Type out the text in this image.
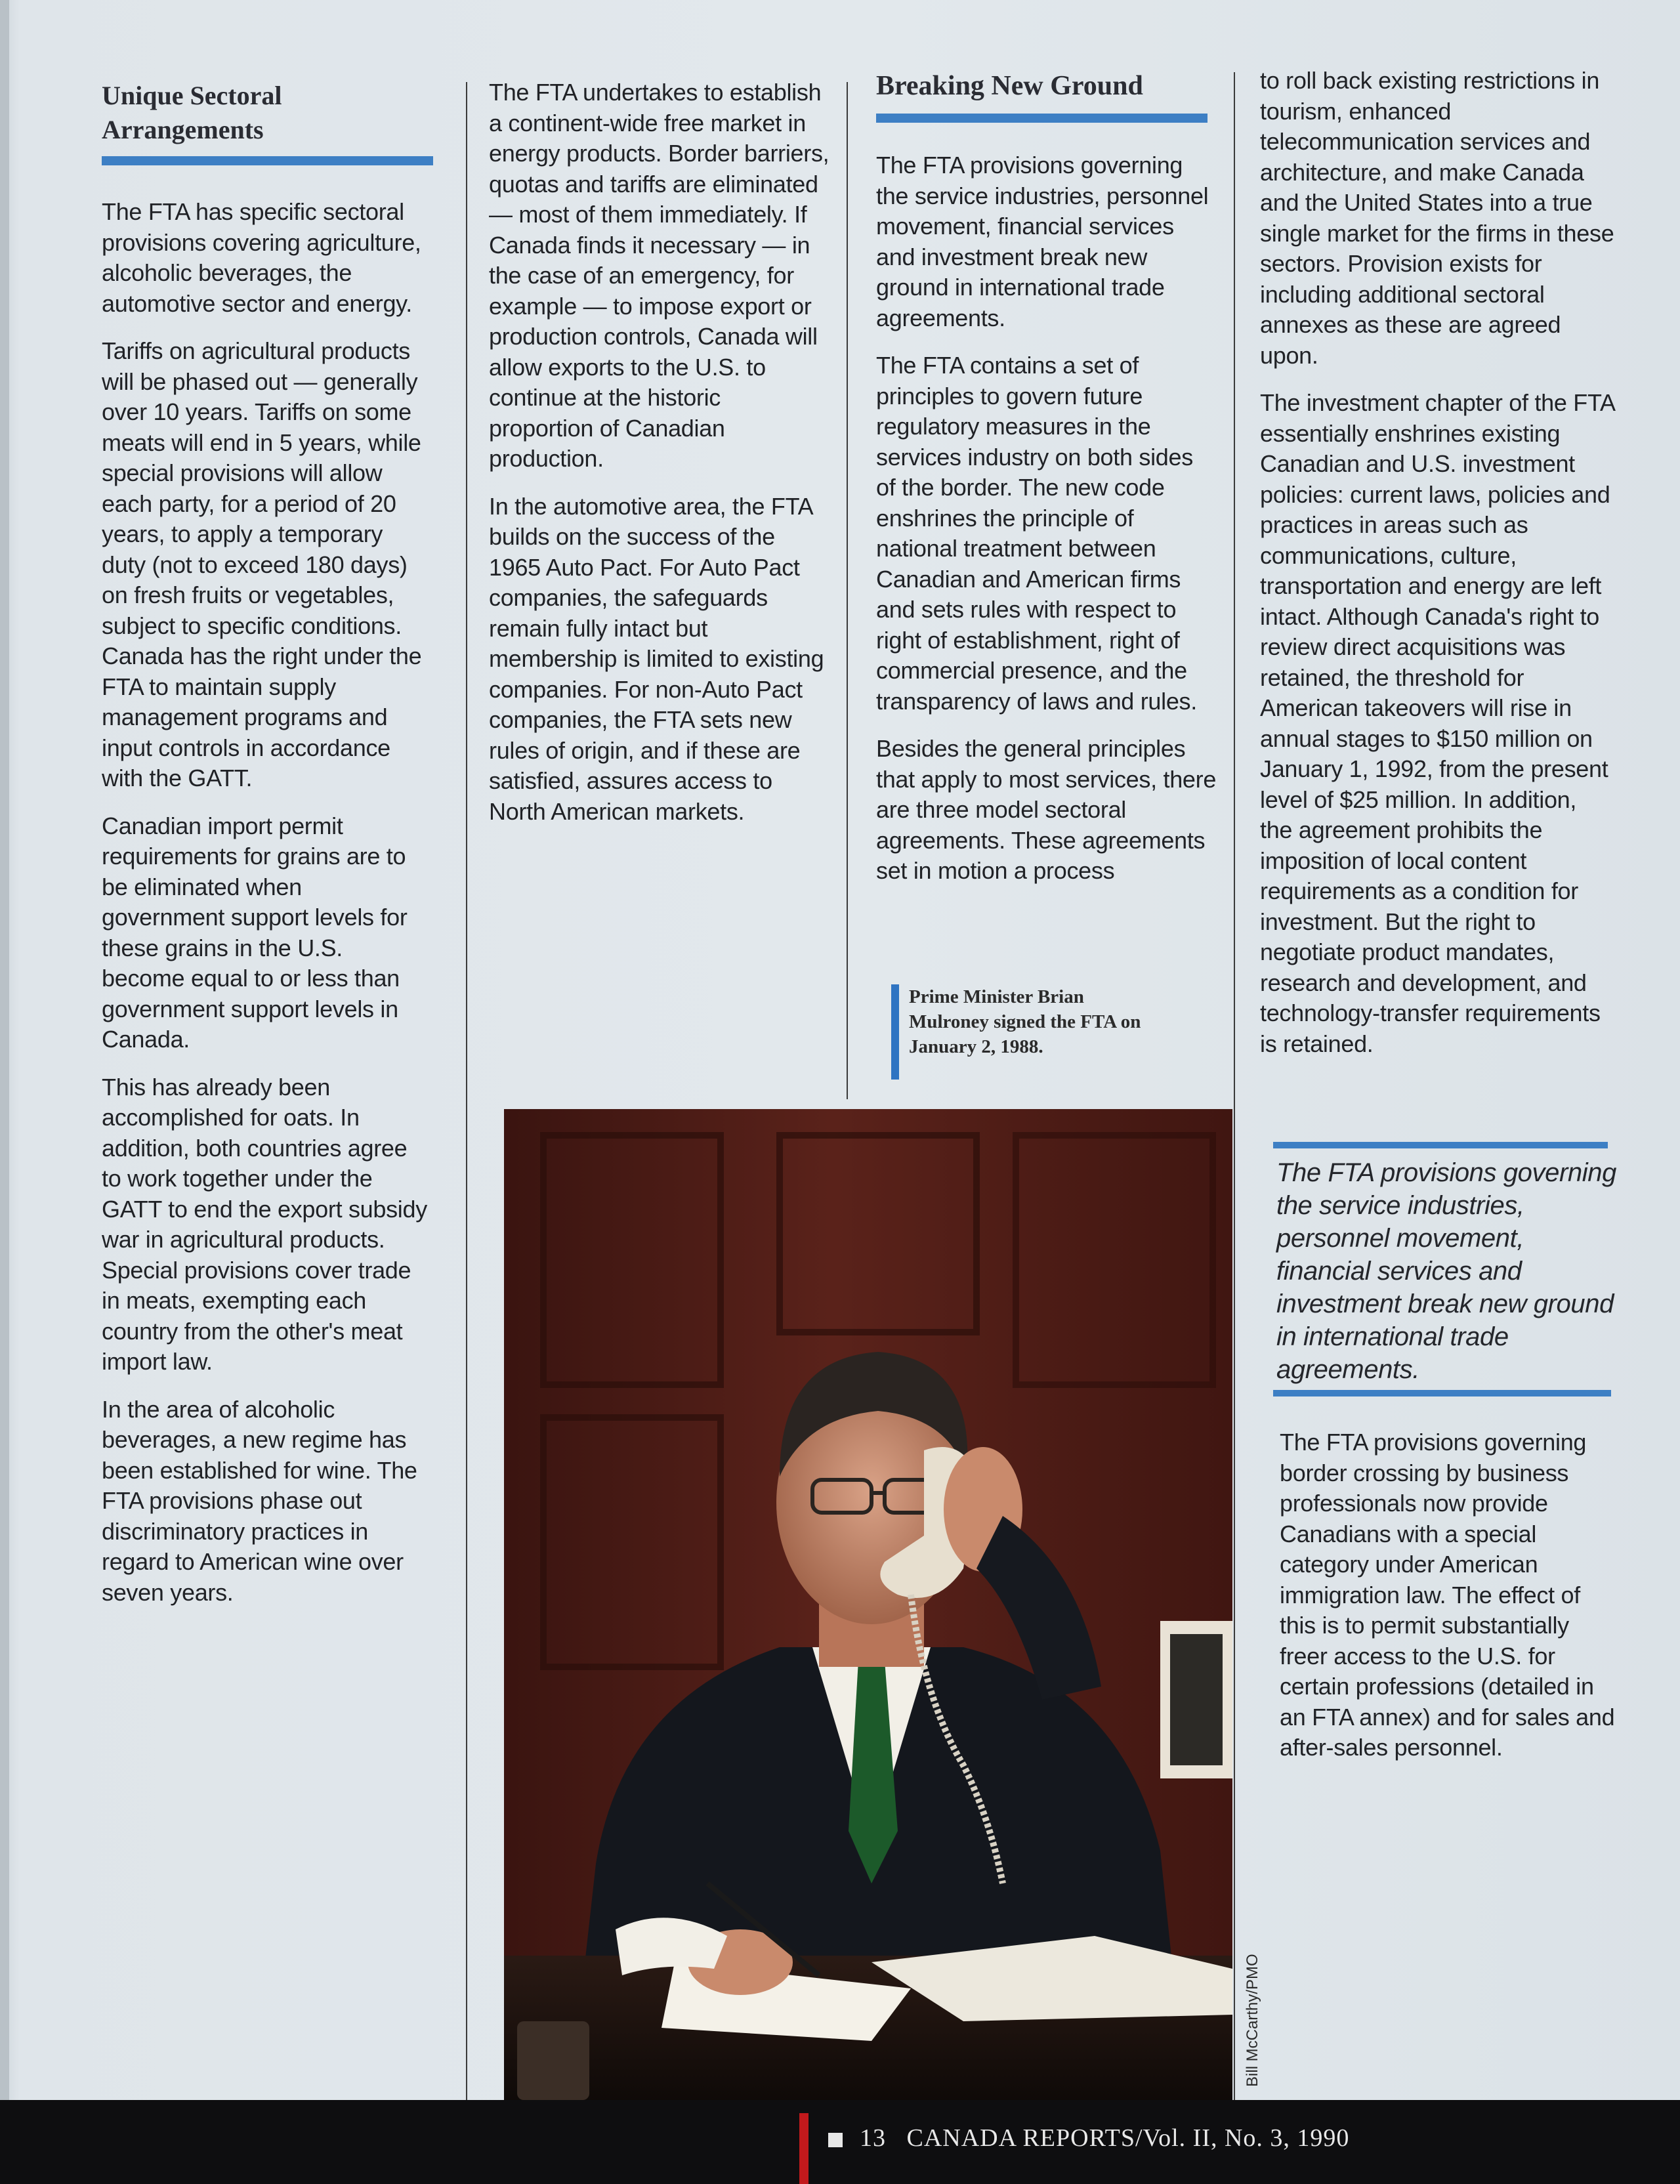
Unique Sectoral
Arrangements

The FTA has specific sectoral provisions covering agriculture, alcoholic beverages, the automotive sector and energy.

Tariffs on agricultural products will be phased out — generally over 10 years. Tariffs on some meats will end in 5 years, while special provisions will allow each party, for a period of 20 years, to apply a temporary duty (not to exceed 180 days) on fresh fruits or vegetables, subject to specific conditions. Canada has the right under the FTA to maintain supply management programs and input controls in accordance with the GATT.

Canadian import permit requirements for grains are to be eliminated when government support levels for these grains in the U.S. become equal to or less than government support levels in Canada.

This has already been accomplished for oats. In addition, both countries agree to work together under the GATT to end the export subsidy war in agricultural products. Special provisions cover trade in meats, exempting each country from the other's meat import law.

In the area of alcoholic beverages, a new regime has been established for wine. The FTA provisions phase out discriminatory practices in regard to American wine over seven years.

The FTA undertakes to establish a continent-wide free market in energy products. Border barriers, quotas and tariffs are eliminated — most of them immediately. If Canada finds it necessary — in the case of an emergency, for example — to impose export or production controls, Canada will allow exports to the U.S. to continue at the historic proportion of Canadian production.

In the automotive area, the FTA builds on the success of the 1965 Auto Pact. For Auto Pact companies, the safeguards remain fully intact but membership is limited to existing companies. For non-Auto Pact companies, the FTA sets new rules of origin, and if these are satisfied, assures access to North American markets.

Breaking New Ground

The FTA provisions governing the service industries, personnel movement, financial services and investment break new ground in international trade agreements.

The FTA contains a set of principles to govern future regulatory measures in the services industry on both sides of the border. The new code enshrines the principle of national treatment between Canadian and American firms and sets rules with respect to right of establishment, right of commercial presence, and the transparency of laws and rules.

Besides the general principles that apply to most services, there are three model sectoral agreements. These agreements set in motion a process

Prime Minister Brian Mulroney signed the FTA on January 2, 1988.

to roll back existing restrictions in tourism, enhanced telecommunication services and architecture, and make Canada and the United States into a true single market for the firms in these sectors. Provision exists for including additional sectoral annexes as these are agreed upon.

The investment chapter of the FTA essentially enshrines existing Canadian and U.S. investment policies: current laws, policies and practices in areas such as communications, culture, transportation and energy are left intact. Although Canada's right to review direct acquisitions was retained, the threshold for American takeovers will rise in annual stages to $150 million on January 1, 1992, from the present level of $25 million. In addition, the agreement prohibits the imposition of local content requirements as a condition for investment. But the right to negotiate product mandates, research and development, and technology-transfer requirements is retained.

The FTA provisions governing the service industries, personnel movement, financial services and investment break new ground in international trade agreements.

The FTA provisions governing border crossing by business professionals now provide Canadians with a special category under American immigration law. The effect of this is to permit substantially freer access to the U.S. for certain professions (detailed in an FTA annex) and for sales and after-sales personnel.

Bill McCarthy/PMO
13 CANADA REPORTS/Vol. II, No. 3, 1990
